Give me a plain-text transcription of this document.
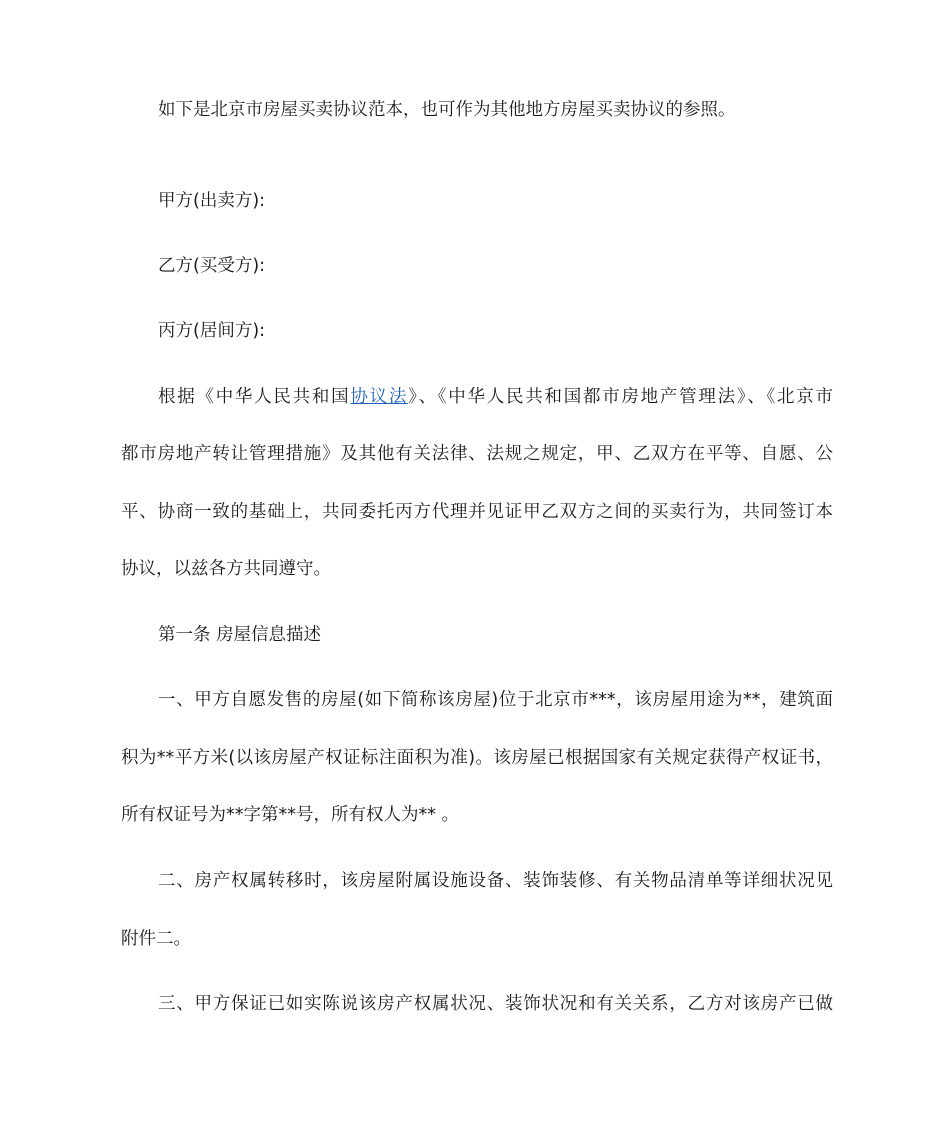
如下是北京市房屋买卖协议范本，也可作为其他地方房屋买卖协议的参照。
甲方(出卖方):
乙方(买受方):
丙方(居间方):
根据《中华人民共和国协议法》、《中华人民共和国都市房地产管理法》、《北京市
都市房地产转让管理措施》及其他有关法律、法规之规定，甲、乙双方在平等、自愿、公
平、协商一致的基础上，共同委托丙方代理并见证甲乙双方之间的买卖行为，共同签订本
协议，以兹各方共同遵守。
第一条 房屋信息描述
一、甲方自愿发售的房屋(如下简称该房屋)位于北京市***，该房屋用途为**，建筑面
积为**平方米(以该房屋产权证标注面积为准)。该房屋已根据国家有关规定获得产权证书，
所有权证号为**字第**号，所有权人为** 。
二、房产权属转移时，该房屋附属设施设备、装饰装修、有关物品清单等详细状况见
附件二。
三、甲方保证已如实陈说该房产权属状况、装饰状况和有关关系，乙方对该房产已做
